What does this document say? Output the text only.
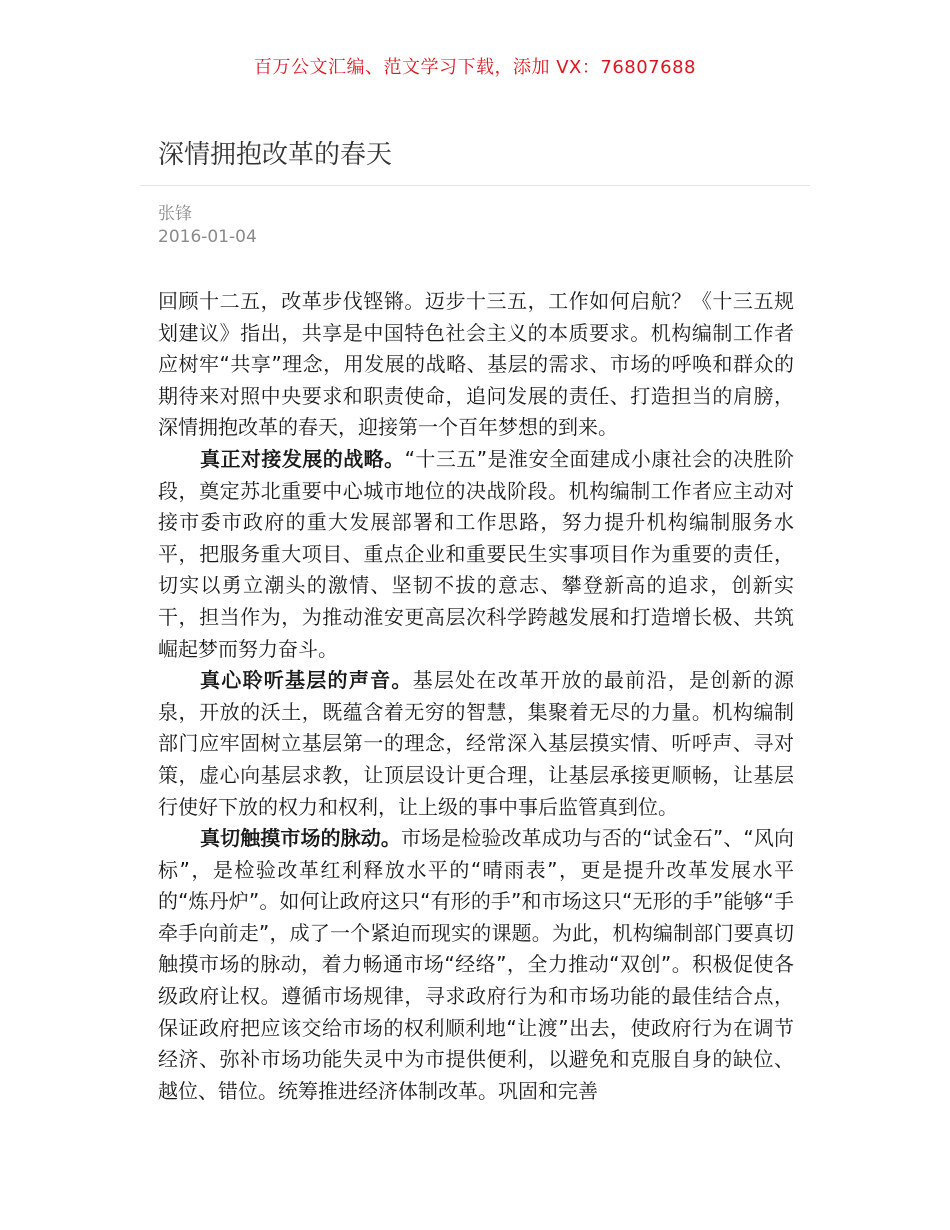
百万公文汇编、范文学习下载，添加 VX：76807688
深情拥抱改革的春天
张锋
2016-01-04

回顾十二五，改革步伐铿锵。迈步十三五，工作如何启航？《十三五规划建议》指出，共享是中国特色社会主义的本质要求。机构编制工作者应树牢“共享”理念，用发展的战略、基层的需求、市场的呼唤和群众的期待来对照中央要求和职责使命，追问发展的责任、打造担当的肩膀，深情拥抱改革的春天，迎接第一个百年梦想的到来。

真正对接发展的战略。“十三五”是淮安全面建成小康社会的决胜阶段，奠定苏北重要中心城市地位的决战阶段。机构编制工作者应主动对接市委市政府的重大发展部署和工作思路，努力提升机构编制服务水平，把服务重大项目、重点企业和重要民生实事项目作为重要的责任，切实以勇立潮头的激情、坚韧不拔的意志、攀登新高的追求，创新实干，担当作为，为推动淮安更高层次科学跨越发展和打造增长极、共筑崛起梦而努力奋斗。

真心聆听基层的声音。基层处在改革开放的最前沿，是创新的源泉，开放的沃土，既蕴含着无穷的智慧，集聚着无尽的力量。机构编制部门应牢固树立基层第一的理念，经常深入基层摸实情、听呼声、寻对策，虚心向基层求教，让顶层设计更合理，让基层承接更顺畅，让基层行使好下放的权力和权利，让上级的事中事后监管真到位。

真切触摸市场的脉动。市场是检验改革成功与否的“试金石”、“风向标”，是检验改革红利释放水平的“晴雨表”，更是提升改革发展水平的“炼丹炉”。如何让政府这只“有形的手”和市场这只“无形的手”能够“手牵手向前走”，成了一个紧迫而现实的课题。为此，机构编制部门要真切触摸市场的脉动，着力畅通市场“经络”，全力推动“双创”。积极促使各级政府让权。遵循市场规律，寻求政府行为和市场功能的最佳结合点，保证政府把应该交给市场的权利顺利地“让渡”出去，使政府行为在调节经济、弥补市场功能失灵中为市提供便利，以避免和克服自身的缺位、越位、错位。统筹推进经济体制改革。巩固和完善
